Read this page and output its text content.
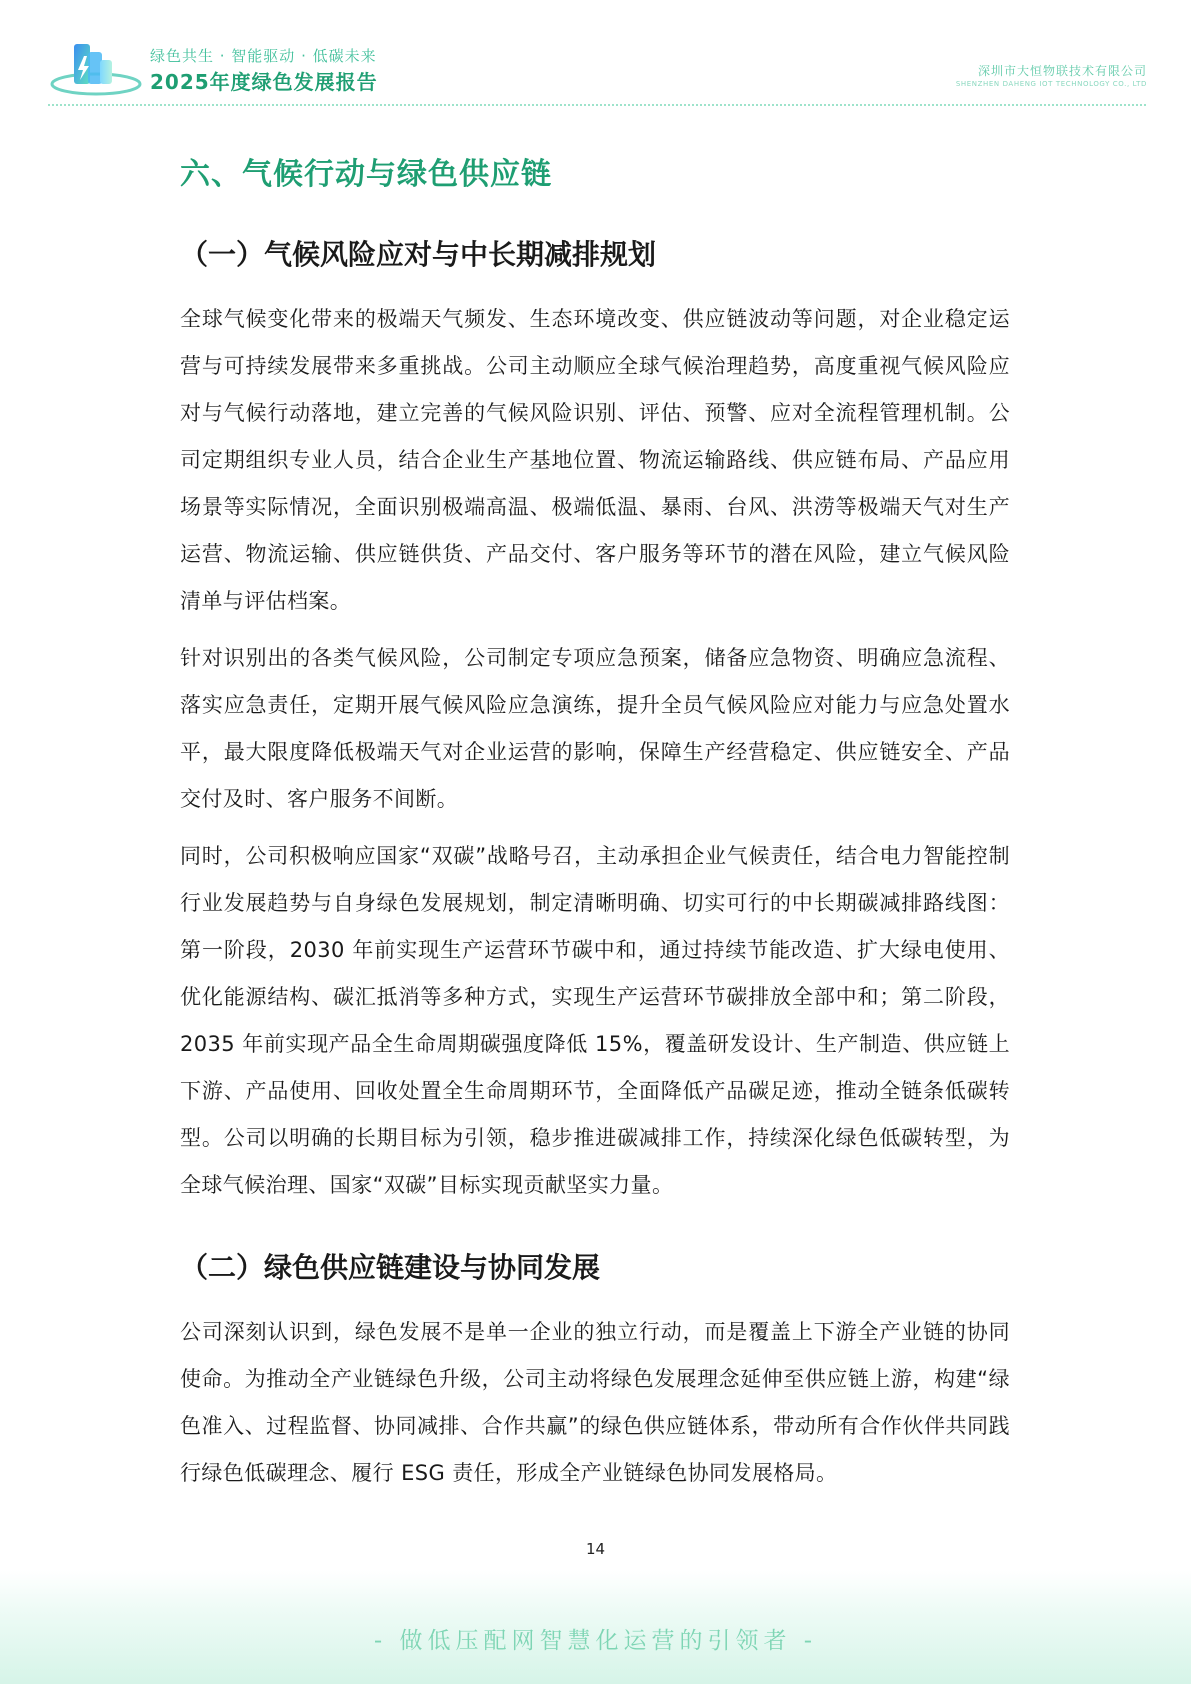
绿色共生 · 智能驱动 · 低碳未来
2025年度绿色发展报告	深圳市大恒物联技术有限公司
SHENZHEN DAHENG IOT TECHNOLOGY CO., LTD
六、气候行动与绿色供应链
（一）气候风险应对与中长期减排规划

全球气候变化带来的极端天气频发、生态环境改变、供应链波动等问题，对企业稳定运营与可持续发展带来多重挑战。公司主动顺应全球气候治理趋势，高度重视气候风险应对与气候行动落地，建立完善的气候风险识别、评估、预警、应对全流程管理机制。公司定期组织专业人员，结合企业生产基地位置、物流运输路线、供应链布局、产品应用场景等实际情况，全面识别极端高温、极端低温、暴雨、台风、洪涝等极端天气对生产运营、物流运输、供应链供货、产品交付、客户服务等环节的潜在风险，建立气候风险清单与评估档案。

针对识别出的各类气候风险，公司制定专项应急预案，储备应急物资、明确应急流程、落实应急责任，定期开展气候风险应急演练，提升全员气候风险应对能力与应急处置水平，最大限度降低极端天气对企业运营的影响，保障生产经营稳定、供应链安全、产品交付及时、客户服务不间断。

同时，公司积极响应国家“双碳”战略号召，主动承担企业气候责任，结合电力智能控制行业发展趋势与自身绿色发展规划，制定清晰明确、切实可行的中长期碳减排路线图：第一阶段，2030 年前实现生产运营环节碳中和，通过持续节能改造、扩大绿电使用、优化能源结构、碳汇抵消等多种方式，实现生产运营环节碳排放全部中和；第二阶段，2035 年前实现产品全生命周期碳强度降低 15%，覆盖研发设计、生产制造、供应链上下游、产品使用、回收处置全生命周期环节，全面降低产品碳足迹，推动全链条低碳转型。公司以明确的长期目标为引领，稳步推进碳减排工作，持续深化绿色低碳转型，为全球气候治理、国家“双碳”目标实现贡献坚实力量。

（二）绿色供应链建设与协同发展

公司深刻认识到，绿色发展不是单一企业的独立行动，而是覆盖上下游全产业链的协同使命。为推动全产业链绿色升级，公司主动将绿色发展理念延伸至供应链上游，构建“绿色准入、过程监督、协同减排、合作共赢”的绿色供应链体系，带动所有合作伙伴共同践行绿色低碳理念、履行 ESG 责任，形成全产业链绿色协同发展格局。

14
- 做低压配网智慧化运营的引领者 -
